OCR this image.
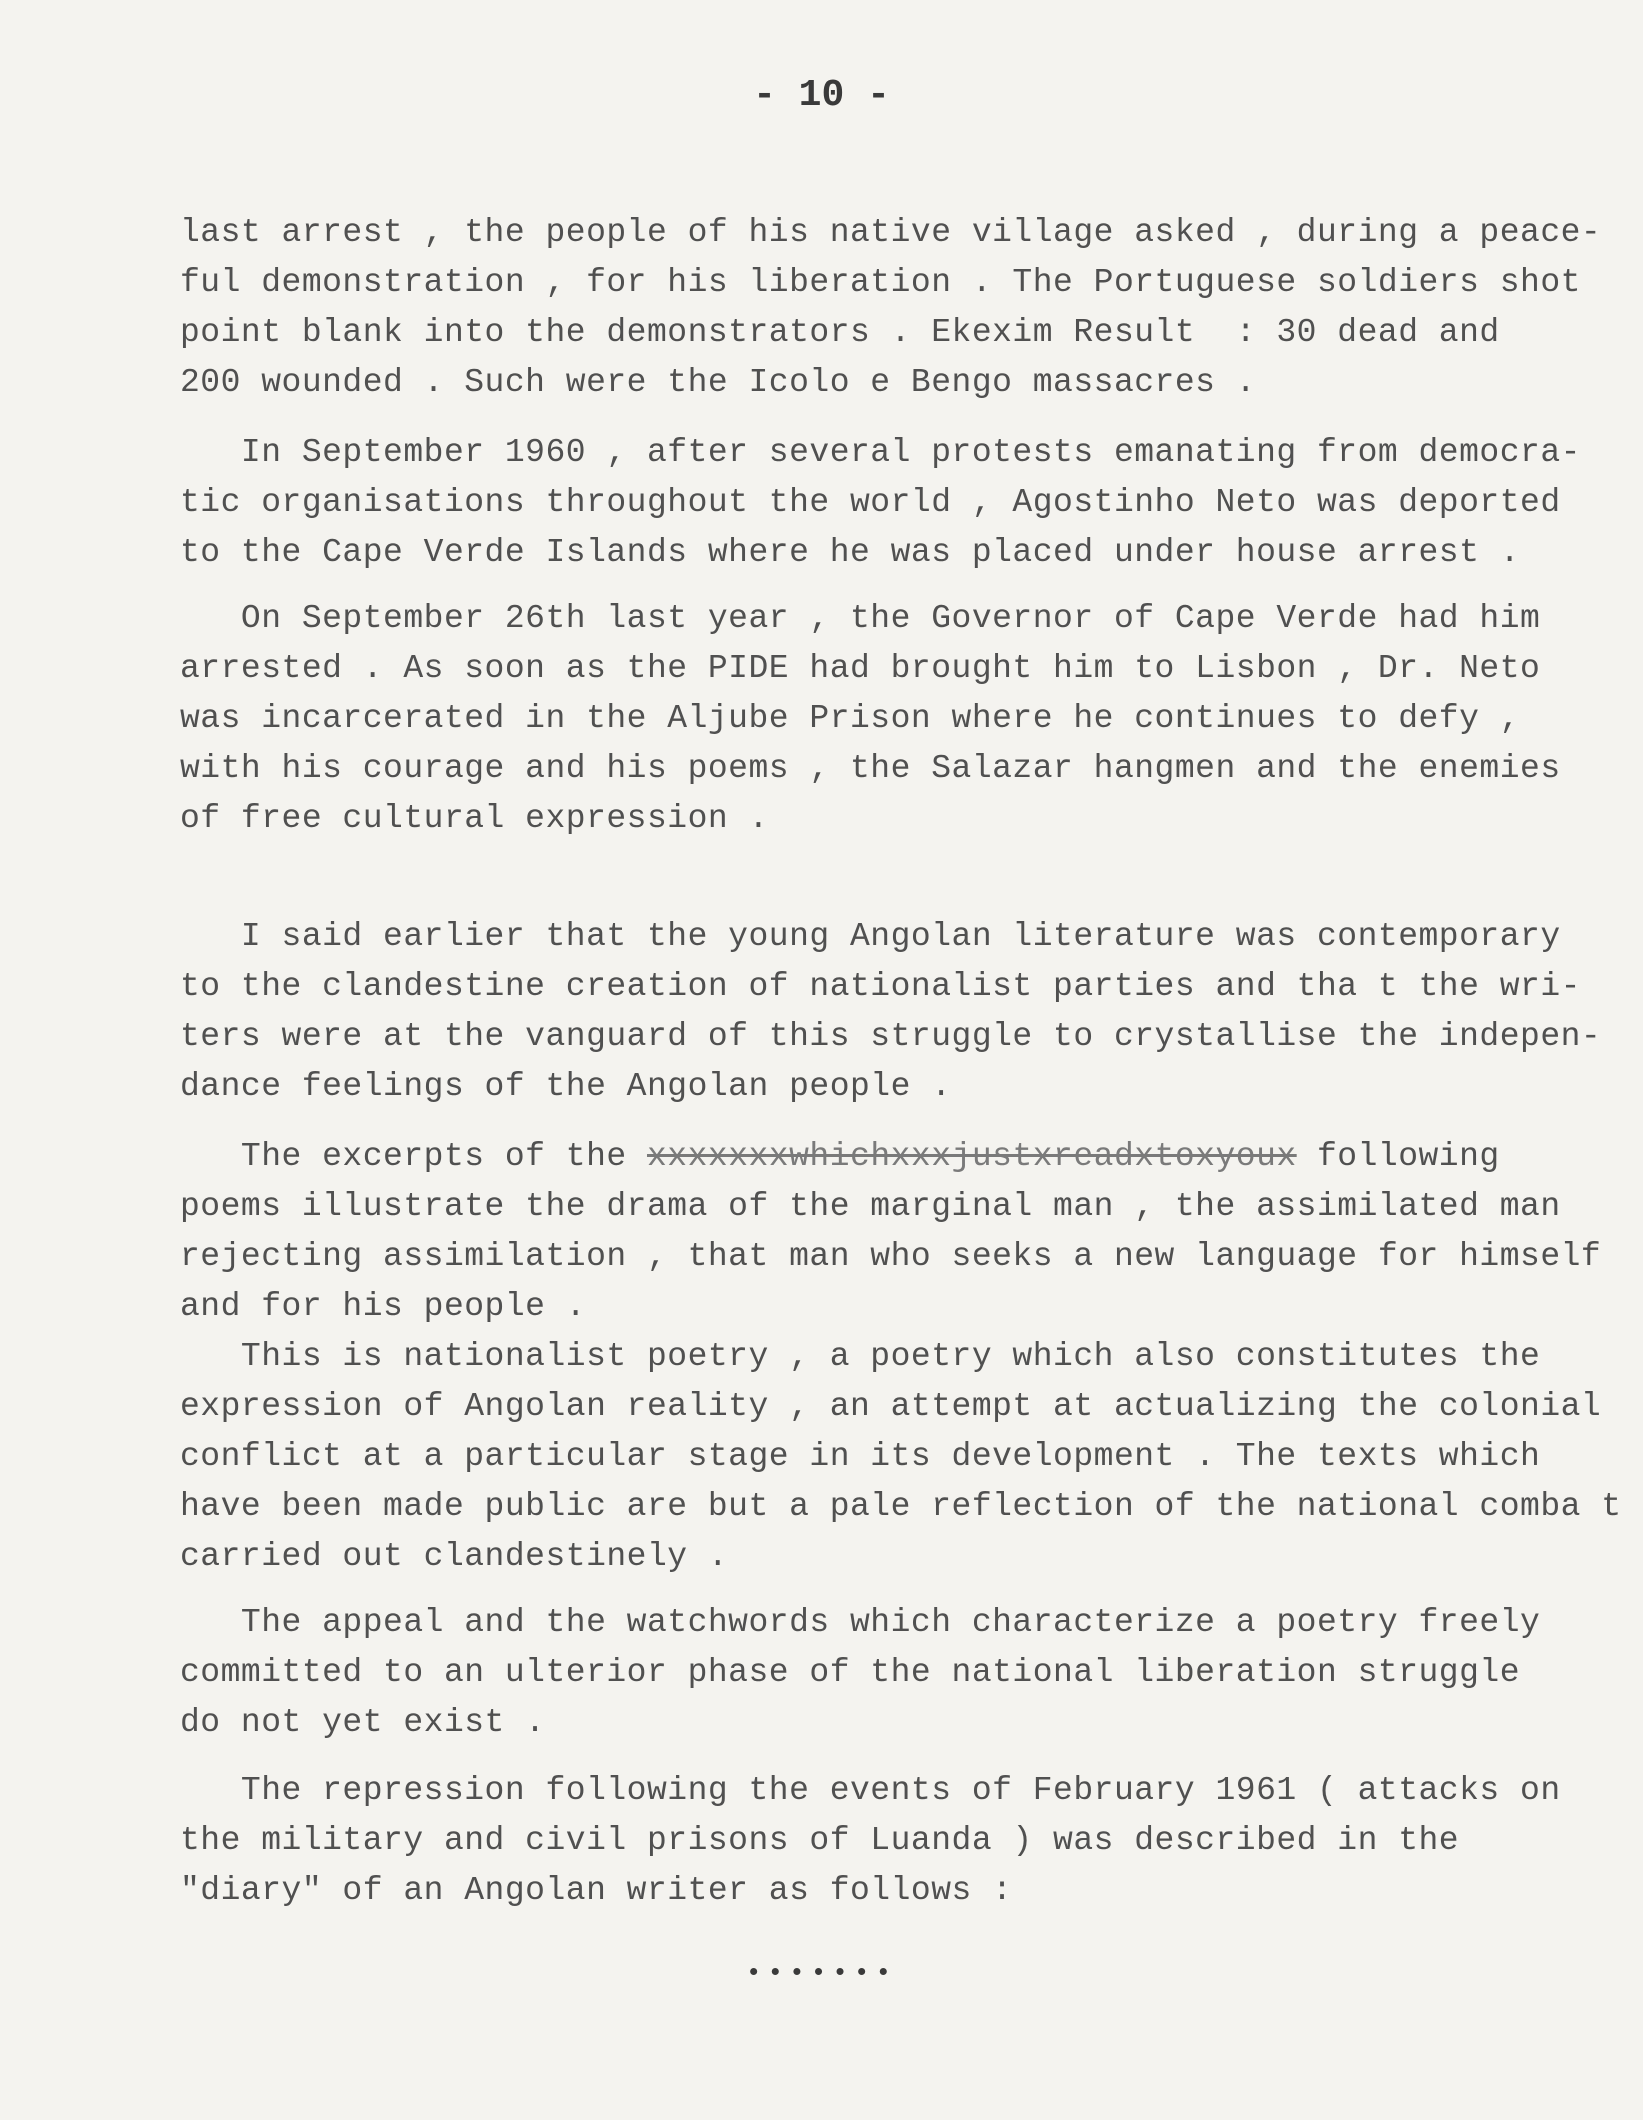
- 10 -
last arrest , the people of his native village asked , during a peace-
ful demonstration , for his liberation . The Portuguese soldiers shot
point blank into the demonstrators . Ekexim Result  : 30 dead and
200 wounded . Such were the Icolo e Bengo massacres .
In September 1960 , after several protests emanating from democra-
tic organisations throughout the world , Agostinho Neto was deported
to the Cape Verde Islands where he was placed under house arrest .
On September 26th last year , the Governor of Cape Verde had him
arrested . As soon as the PIDE had brought him to Lisbon , Dr. Neto
was incarcerated in the Aljube Prison where he continues to defy ,
with his courage and his poems , the Salazar hangmen and the enemies
of free cultural expression .
I said earlier that the young Angolan literature was contemporary
to the clandestine creation of nationalist parties and tha t the wri-
ters were at the vanguard of this struggle to crystallise the indepen-
dance feelings of the Angolan people .
The excerpts of the xxxxxxxwhichxxxjustxreadxtoxyoux following
poems illustrate the drama of the marginal man , the assimilated man
rejecting assimilation , that man who seeks a new language for himself
and for his people .
This is nationalist poetry , a poetry which also constitutes the
expression of Angolan reality , an attempt at actualizing the colonial
conflict at a particular stage in its development . The texts which
have been made public are but a pale reflection of the national comba t
carried out clandestinely .
The appeal and the watchwords which characterize a poetry freely
committed to an ulterior phase of the national liberation struggle
do not yet exist .
The repression following the events of February 1961 ( attacks on
the military and civil prisons of Luanda ) was described in the
"diary" of an Angolan writer as follows :
•••••••
